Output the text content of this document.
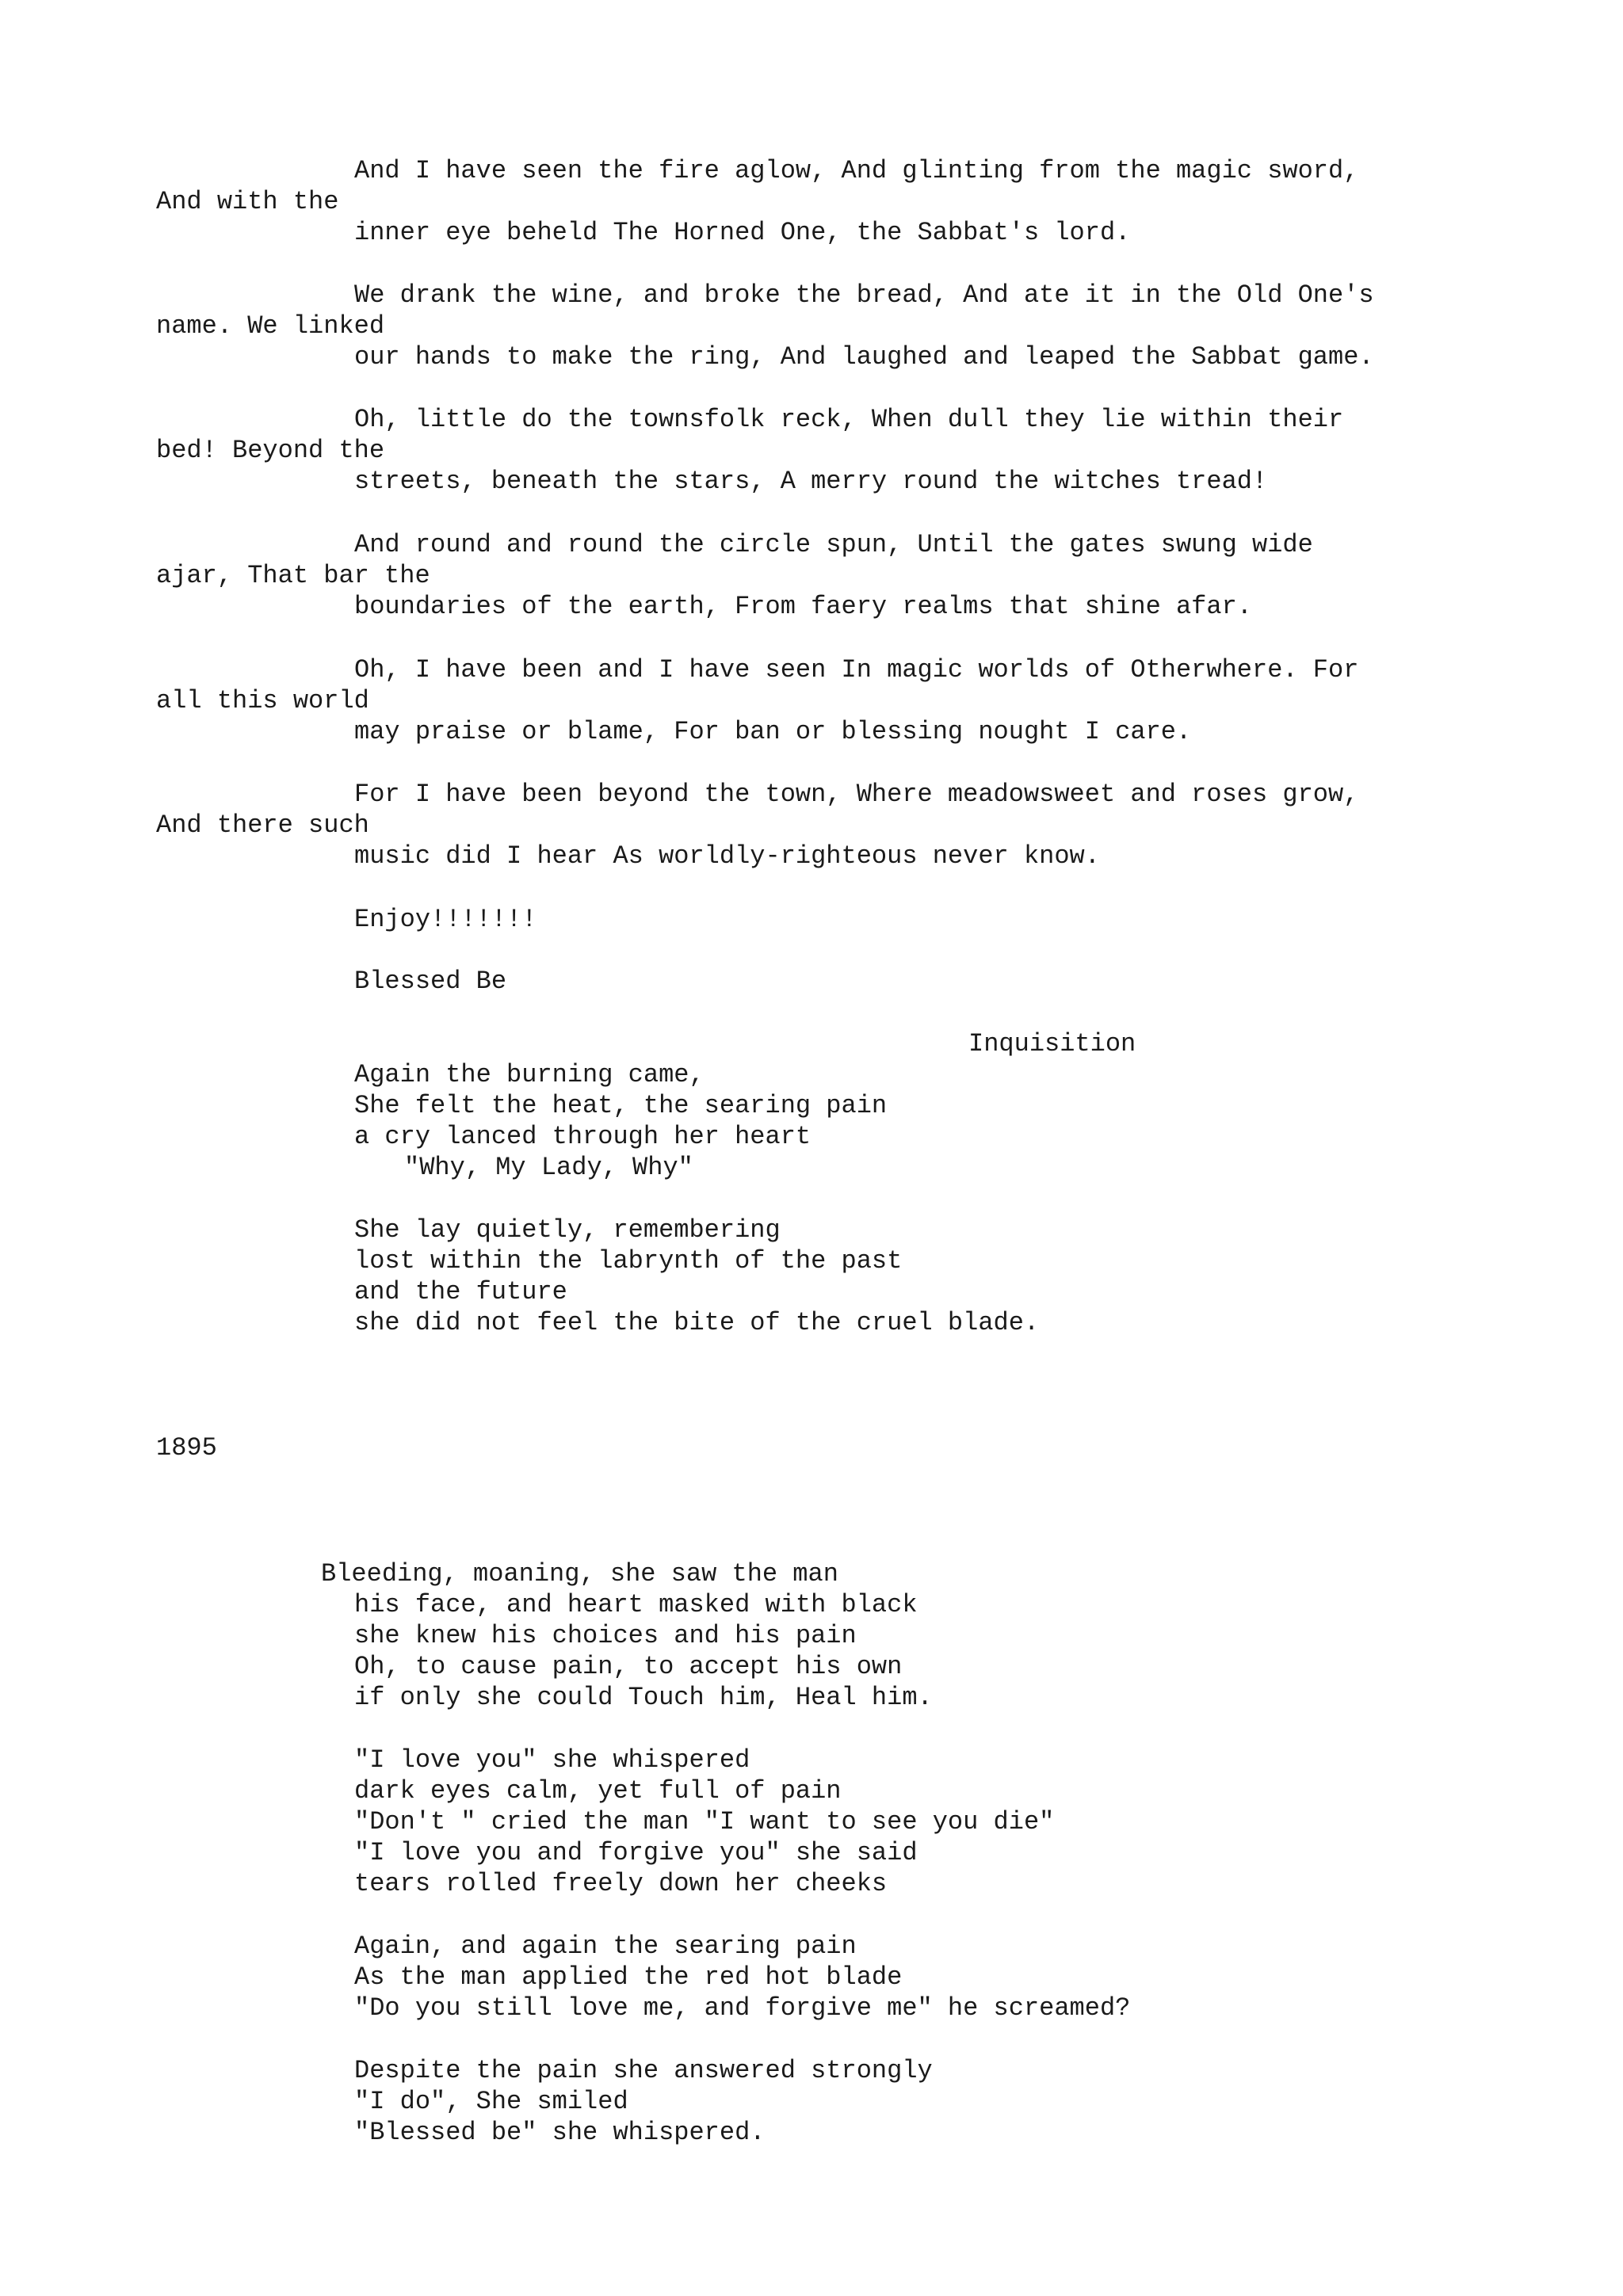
And I have seen the fire aglow, And glinting from the magic sword,
And with the
inner eye beheld The Horned One, the Sabbat's lord.
We drank the wine, and broke the bread, And ate it in the Old One's
name. We linked
our hands to make the ring, And laughed and leaped the Sabbat game.
Oh, little do the townsfolk reck, When dull they lie within their
bed! Beyond the
streets, beneath the stars, A merry round the witches tread!
And round and round the circle spun, Until the gates swung wide
ajar, That bar the
boundaries of the earth, From faery realms that shine afar.
Oh, I have been and I have seen In magic worlds of Otherwhere. For
all this world
may praise or blame, For ban or blessing nought I care.
For I have been beyond the town, Where meadowsweet and roses grow,
And there such
music did I hear As worldly-righteous never know.
Enjoy!!!!!!!
Blessed Be
Inquisition
Again the burning came,
She felt the heat, the searing pain
a cry lanced through her heart
"Why, My Lady, Why"
She lay quietly, remembering
lost within the labrynth of the past
and the future
she did not feel the bite of the cruel blade.
1895
Bleeding, moaning, she saw the man
his face, and heart masked with black
she knew his choices and his pain
Oh, to cause pain, to accept his own
if only she could Touch him, Heal him.
"I love you" she whispered
dark eyes calm, yet full of pain
"Don't " cried the man "I want to see you die"
"I love you and forgive you" she said
tears rolled freely down her cheeks
Again, and again the searing pain
As the man applied the red hot blade
"Do you still love me, and forgive me" he screamed?
Despite the pain she answered strongly
"I do", She smiled
"Blessed be" she whispered.
